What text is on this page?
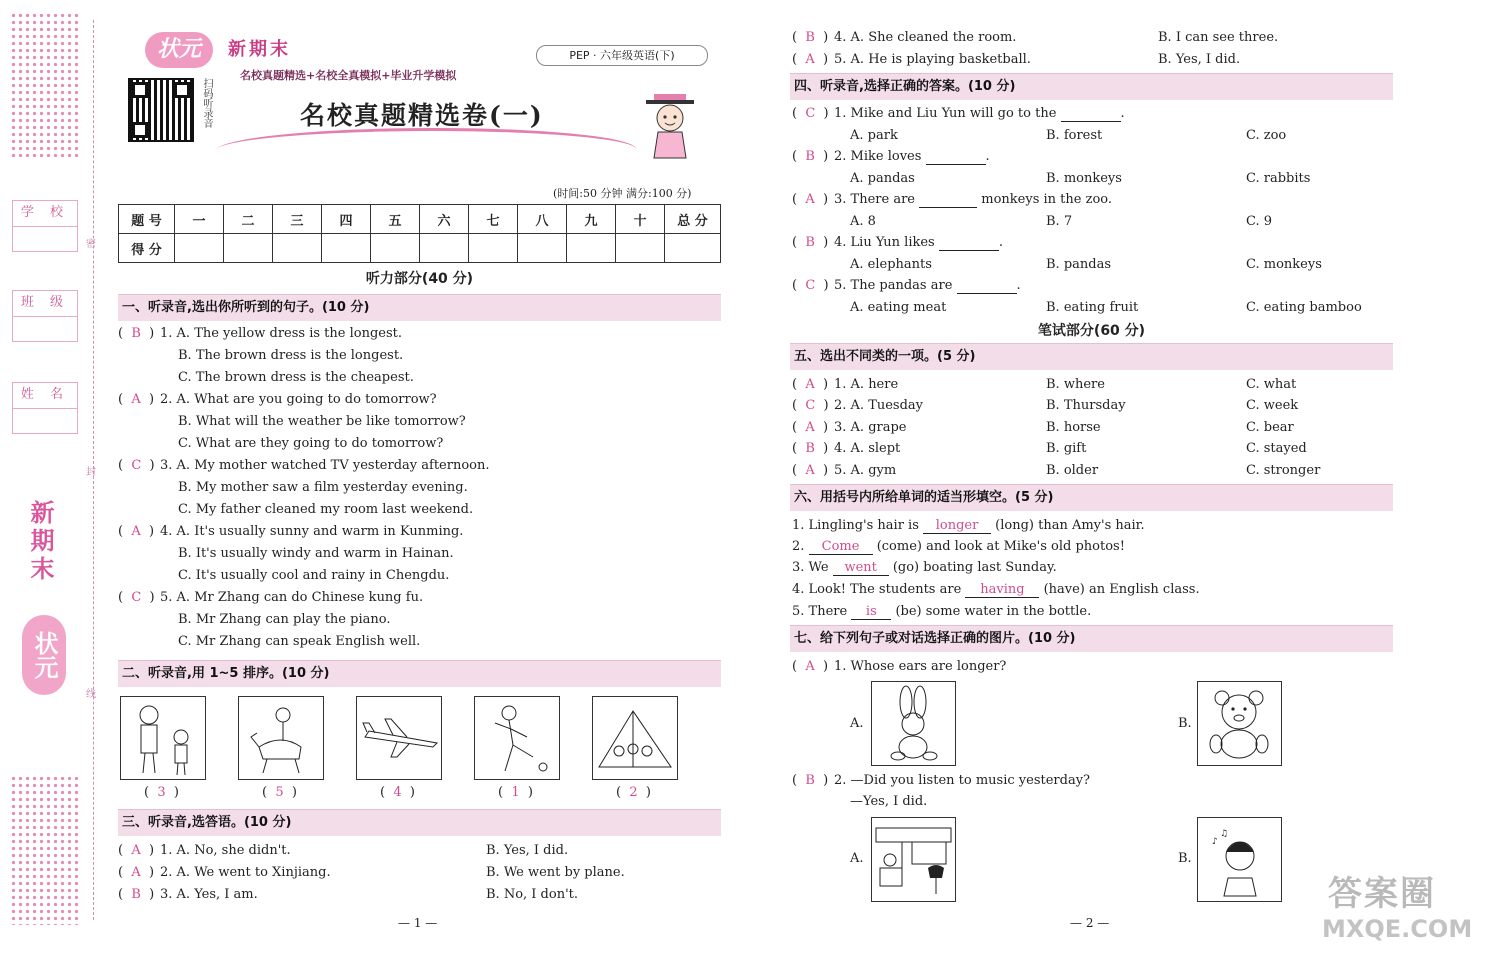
学 校
班 级
姓 名
密
封
线
新期末
状元
状元	新期末
名校真题精选+名校全真模拟+毕业升学模拟
PEP · 六年级英语(下)
扫码听录音	名校真题精选卷(一)
(时间:50 分钟 满分:100 分)
题 号	一	二	三	四	五	六	七	八	九	十	总 分
得 分											
听力部分(40 分)
一、听录音,选出你所听到的句子。(10 分)
(  B  ) 1. A. The yellow dress is the longest.
B. The brown dress is the longest.
C. The brown dress is the cheapest.
(  A  ) 2. A. What are you going to do tomorrow?
B. What will the weather be like tomorrow?
C. What are they going to do tomorrow?
(  C  ) 3. A. My mother watched TV yesterday afternoon.
B. My mother saw a film yesterday evening.
C. My father cleaned my room last weekend.
(  A  ) 4. A. It's usually sunny and warm in Kunming.
B. It's usually windy and warm in Hainan.
C. It's usually cool and rainy in Chengdu.
(  C  ) 5. A. Mr Zhang can do Chinese kung fu.
B. Mr Zhang can play the piano.
C. Mr Zhang can speak English well.
二、听录音,用 1~5 排序。(10 分)
(  3  )	(  5  )	(  4  )	(  1  )	(  2  )
三、听录音,选答语。(10 分)
(  A  ) 1. A. No, she didn't.	B. Yes, I did.
(  A  ) 2. A. We went to Xinjiang.	B. We went by plane.
(  B  ) 3. A. Yes, I am.	B. No, I don't.
— 1 —
(  B  ) 4. A. She cleaned the room.	B. I can see three.
(  A  ) 5. A. He is playing basketball.	B. Yes, I did.
四、听录音,选择正确的答案。(10 分)
(  C  ) 1. Mike and Liu Yun will go to the	.
A. park	B. forest	C. zoo
(  B  ) 2. Mike loves	.
A. pandas	B. monkeys	C. rabbits
(  A  ) 3. There are	monkeys in the zoo.
A. 8	B. 7	C. 9
(  B  ) 4. Liu Yun likes	.
A. elephants	B. pandas	C. monkeys
(  C  ) 5. The pandas are	.
A. eating meat	B. eating fruit	C. eating bamboo
笔试部分(60 分)
五、选出不同类的一项。(5 分)
(  A  ) 1. A. here	B. where	C. what
(  C  ) 2. A. Tuesday	B. Thursday	C. week
(  A  ) 3. A. grape	B. horse	C. bear
(  B  ) 4. A. slept	B. gift	C. stayed
(  A  ) 5. A. gym	B. older	C. stronger
六、用括号内所给单词的适当形填空。(5 分)
1. Lingling's hair is longer (long) than Amy's hair.
2. Come (come) and look at Mike's old photos!
3. We went (go) boating last Sunday.
4. Look! The students are having (have) an English class.
5. There is (be) some water in the bottle.
七、给下列句子或对话选择正确的图片。(10 分)
(  A  ) 1. Whose ears are longer?
A.	B.
(  B  ) 2. —Did you listen to music yesterday?
—Yes, I did.
A.	B.
♪
♫
— 2 —
答案圈
MXQE.COM
